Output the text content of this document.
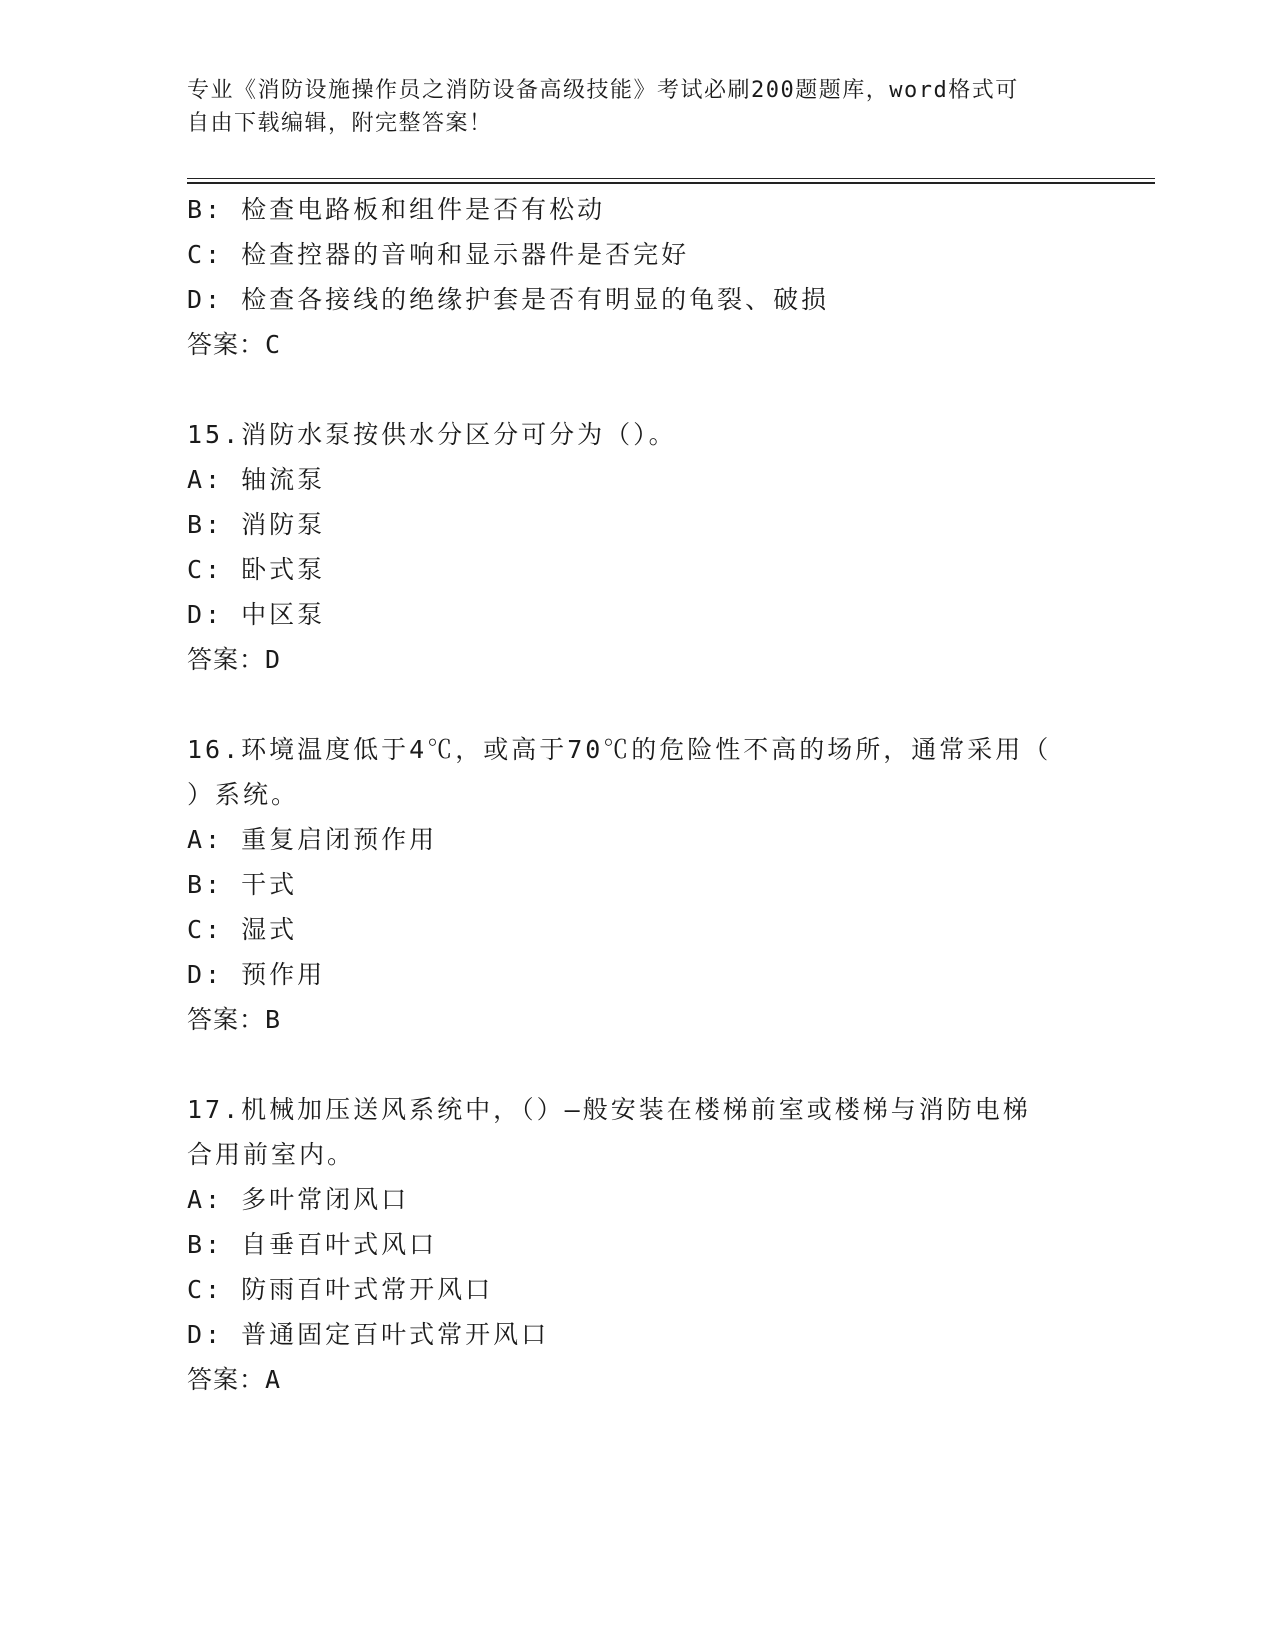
专业《消防设施操作员之消防设备高级技能》考试必刷200题题库，word格式可
自由下载编辑，附完整答案！
B: 检查电路板和组件是否有松动
C: 检查控器的音响和显示器件是否完好
D: 检查各接线的绝缘护套是否有明显的龟裂、破损
答案：C
15.消防水泵按供水分区分可分为（）。
A: 轴流泵
B: 消防泵
C: 卧式泵
D: 中区泵
答案：D
16.环境温度低于4℃，或高于70℃的危险性不高的场所，通常采用（
）系统。
A: 重复启闭预作用
B: 干式
C: 湿式
D: 预作用
答案：B
17.机械加压送风系统中，（）—般安装在楼梯前室或楼梯与消防电梯
合用前室内。
A: 多叶常闭风口
B: 自垂百叶式风口
C: 防雨百叶式常开风口
D: 普通固定百叶式常开风口
答案：A
